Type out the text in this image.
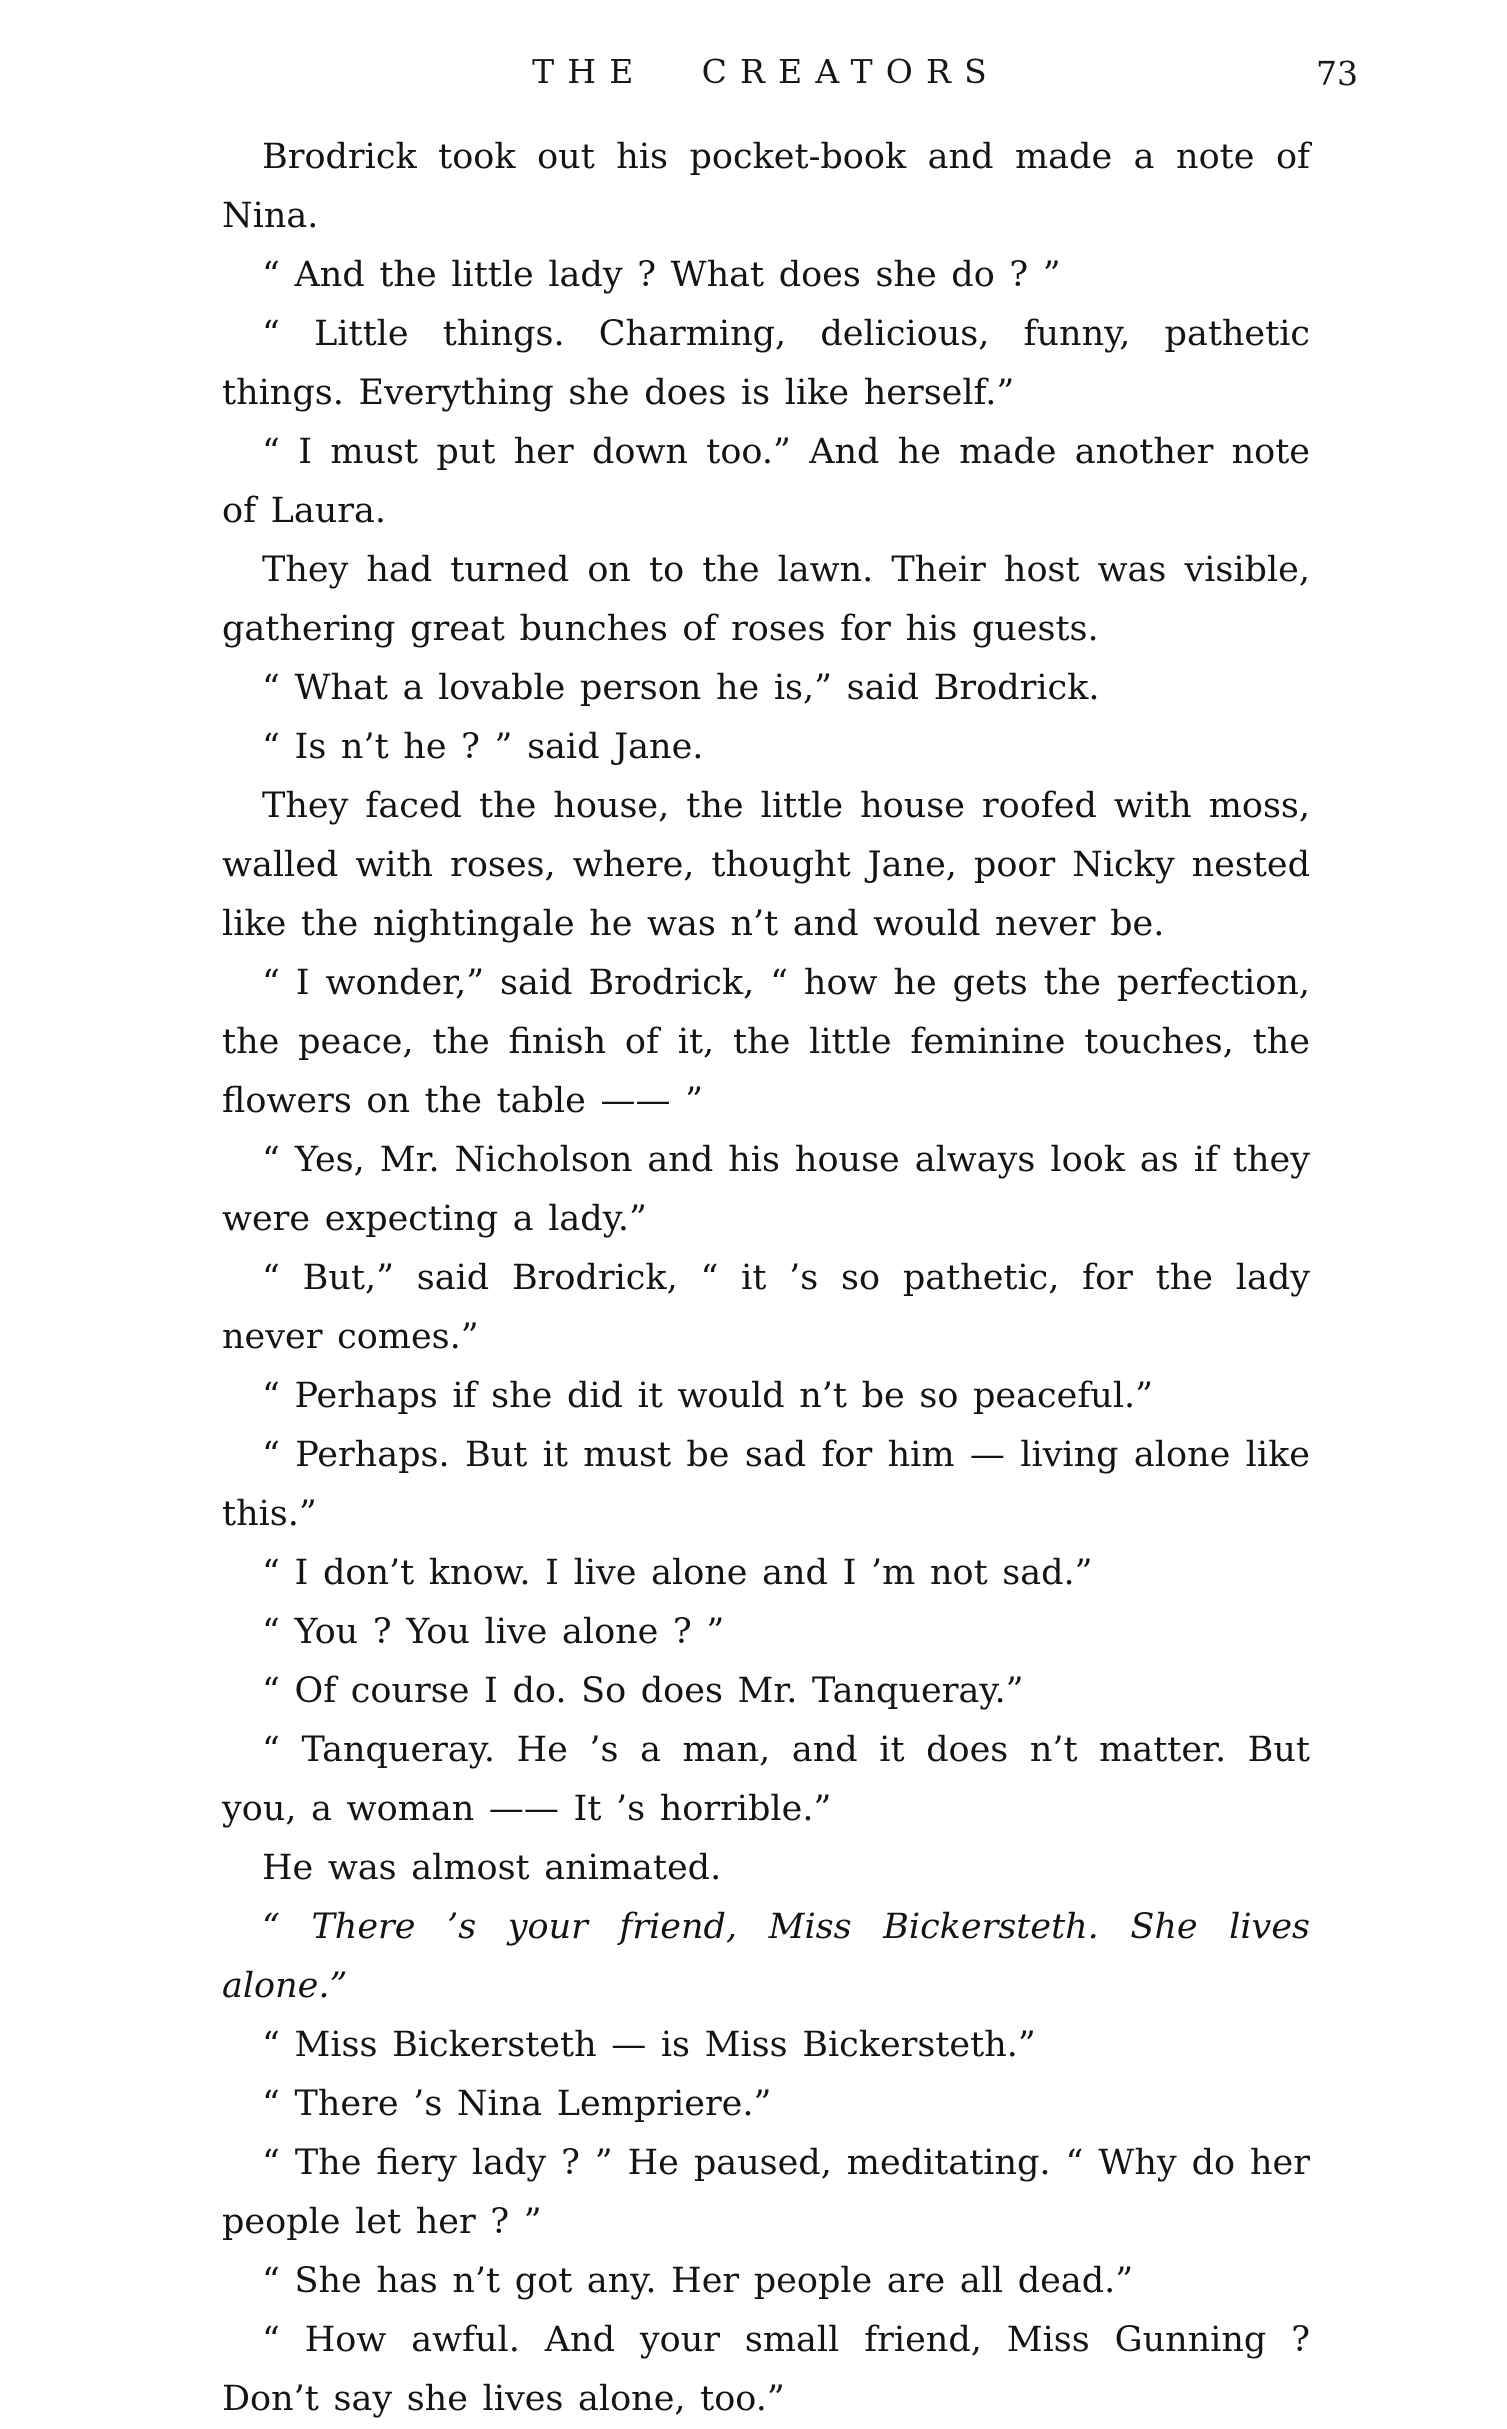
THE CREATORS	73

Brodrick took out his pocket-book and made a note of Nina.

“ And the little lady ? What does she do ? ”

“ Little things. Charming, delicious, funny, pathetic things. Everything she does is like herself.”

“ I must put her down too.” And he made another note of Laura.

They had turned on to the lawn. Their host was visible, gathering great bunches of roses for his guests.

“ What a lovable person he is,” said Brodrick.

“ Is n’t he ? ” said Jane.

They faced the house, the little house roofed with moss, walled with roses, where, thought Jane, poor Nicky nested like the nightingale he was n’t and would never be.

“ I wonder,” said Brodrick, “ how he gets the perfection, the peace, the finish of it, the little feminine touches, the flowers on the table —— ”

“ Yes, Mr. Nicholson and his house always look as if they were expecting a lady.”

“ But,” said Brodrick, “ it ’s so pathetic, for the lady never comes.”

“ Perhaps if she did it would n’t be so peaceful.”

“ Perhaps. But it must be sad for him — living alone like this.”

“ I don’t know. I live alone and I ’m not sad.”

“ You ? You live alone ? ”

“ Of course I do. So does Mr. Tanqueray.”

“ Tanqueray. He ’s a man, and it does n’t matter. But you, a woman —— It ’s horrible.”

He was almost animated.

“ There ’s your friend, Miss Bickersteth. She lives alone.”

“ Miss Bickersteth — is Miss Bickersteth.”

“ There ’s Nina Lempriere.”

“ The fiery lady ? ” He paused, meditating. “ Why do her people let her ? ”

“ She has n’t got any. Her people are all dead.”

“ How awful. And your small friend, Miss Gunning ? Don’t say she lives alone, too.”
